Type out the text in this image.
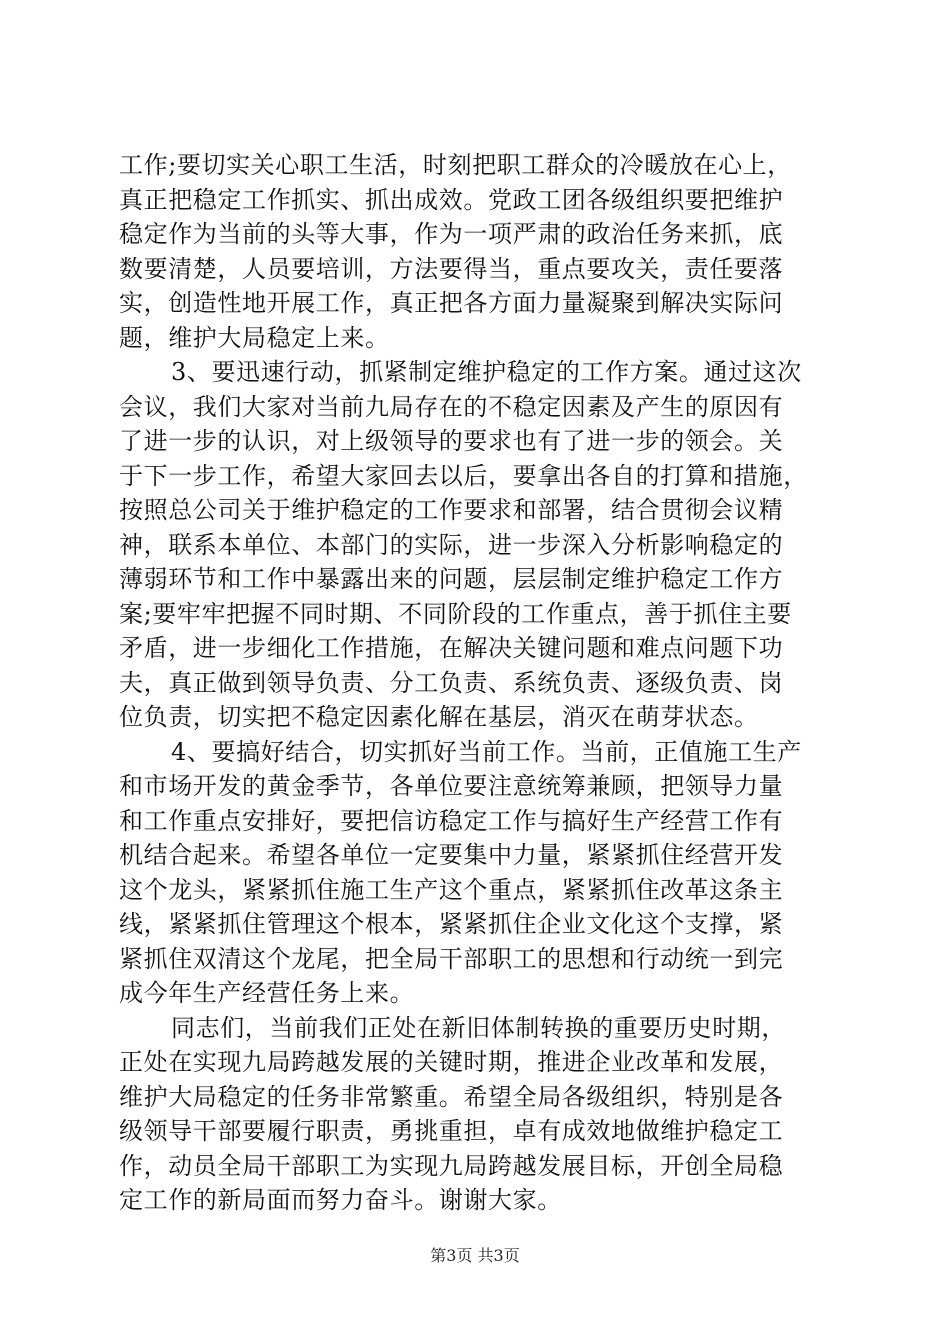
工作;要切实关心职工生活，时刻把职工群众的冷暖放在心上，
真正把稳定工作抓实、抓出成效。党政工团各级组织要把维护
稳定作为当前的头等大事，作为一项严肃的政治任务来抓，底
数要清楚，人员要培训，方法要得当，重点要攻关，责任要落
实，创造性地开展工作，真正把各方面力量凝聚到解决实际问
题，维护大局稳定上来。
3、要迅速行动，抓紧制定维护稳定的工作方案。通过这次
会议，我们大家对当前九局存在的不稳定因素及产生的原因有
了进一步的认识，对上级领导的要求也有了进一步的领会。关
于下一步工作，希望大家回去以后，要拿出各自的打算和措施，
按照总公司关于维护稳定的工作要求和部署，结合贯彻会议精
神，联系本单位、本部门的实际，进一步深入分析影响稳定的
薄弱环节和工作中暴露出来的问题，层层制定维护稳定工作方
案;要牢牢把握不同时期、不同阶段的工作重点，善于抓住主要
矛盾，进一步细化工作措施，在解决关键问题和难点问题下功
夫，真正做到领导负责、分工负责、系统负责、逐级负责、岗
位负责，切实把不稳定因素化解在基层，消灭在萌芽状态。
4、要搞好结合，切实抓好当前工作。当前，正值施工生产
和市场开发的黄金季节，各单位要注意统筹兼顾，把领导力量
和工作重点安排好，要把信访稳定工作与搞好生产经营工作有
机结合起来。希望各单位一定要集中力量，紧紧抓住经营开发
这个龙头，紧紧抓住施工生产这个重点，紧紧抓住改革这条主
线，紧紧抓住管理这个根本，紧紧抓住企业文化这个支撑，紧
紧抓住双清这个龙尾，把全局干部职工的思想和行动统一到完
成今年生产经营任务上来。
同志们，当前我们正处在新旧体制转换的重要历史时期，
正处在实现九局跨越发展的关键时期，推进企业改革和发展，
维护大局稳定的任务非常繁重。希望全局各级组织，特别是各
级领导干部要履行职责，勇挑重担，卓有成效地做维护稳定工
作，动员全局干部职工为实现九局跨越发展目标，开创全局稳
定工作的新局面而努力奋斗。谢谢大家。
第3页 共3页
